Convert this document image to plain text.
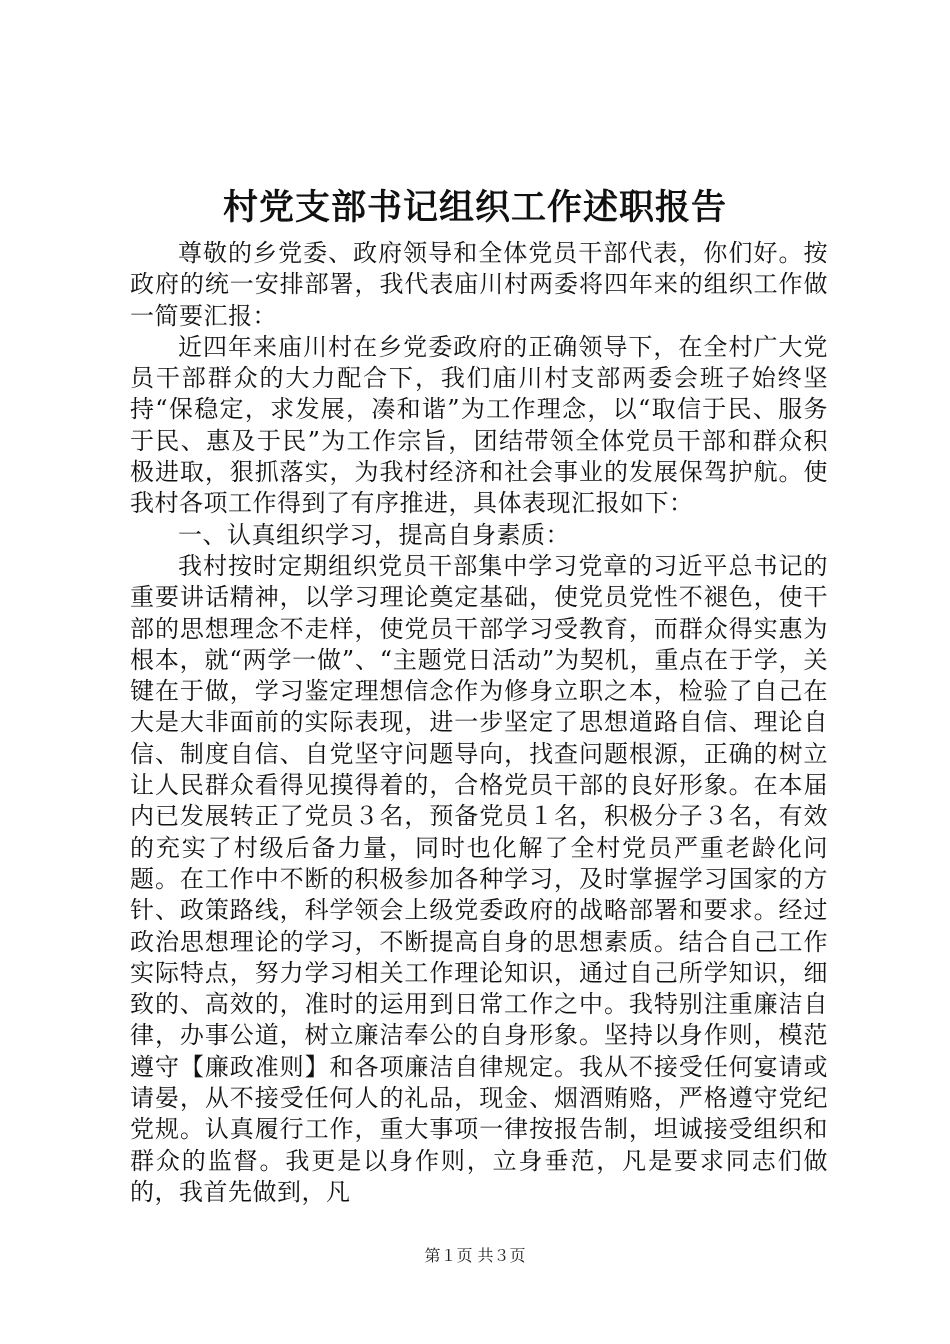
村党支部书记组织工作述职报告

尊敬的乡党委、政府领导和全体党员干部代表，你们好。按政府的统一安排部署，我代表庙川村两委将四年来的组织工作做一简要汇报：

近四年来庙川村在乡党委政府的正确领导下，在全村广大党员干部群众的大力配合下，我们庙川村支部两委会班子始终坚持“保稳定，求发展，凑和谐”为工作理念，以“取信于民、服务于民、惠及于民”为工作宗旨，团结带领全体党员干部和群众积极进取，狠抓落实，为我村经济和社会事业的发展保驾护航。使我村各项工作得到了有序推进，具体表现汇报如下：

一、认真组织学习，提高自身素质：

我村按时定期组织党员干部集中学习党章的习近平总书记的重要讲话精神，以学习理论奠定基础，使党员党性不褪色，使干部的思想理念不走样，使党员干部学习受教育，而群众得实惠为根本，就“两学一做”、“主题党日活动”为契机，重点在于学，关键在于做，学习鉴定理想信念作为修身立职之本，检验了自己在大是大非面前的实际表现，进一步坚定了思想道路自信、理论自信、制度自信、自党坚守问题导向，找查问题根源，正确的树立让人民群众看得见摸得着的，合格党员干部的良好形象。在本届内已发展转正了党员３名，预备党员１名，积极分子３名，有效的充实了村级后备力量，同时也化解了全村党员严重老龄化问题。在工作中不断的积极参加各种学习，及时掌握学习国家的方针、政策路线，科学领会上级党委政府的战略部署和要求。经过政治思想理论的学习，不断提高自身的思想素质。结合自己工作实际特点，努力学习相关工作理论知识，通过自己所学知识，细致的、高效的，准时的运用到日常工作之中。我特别注重廉洁自律，办事公道，树立廉洁奉公的自身形象。坚持以身作则，模范遵守【廉政准则】和各项廉洁自律规定。我从不接受任何宴请或请晏，从不接受任何人的礼品，现金、烟酒贿赂，严格遵守党纪党规。认真履行工作，重大事项一律按报告制，坦诚接受组织和群众的监督。我更是以身作则，立身垂范，凡是要求同志们做的，我首先做到，凡

第１页 共３页
